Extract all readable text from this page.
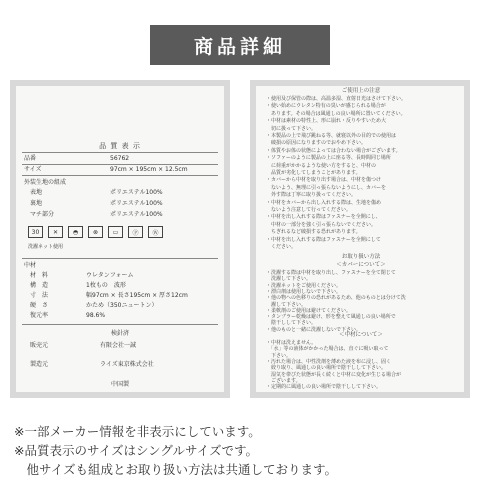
商品詳細
品 質 表 示
品番	56762
サイズ	97cm × 195cm × 12.5cm
外装生地の組成
表地	ポリエステル100%
裏地	ポリエステル100%
マチ部分	ポリエステル100%
30	✕	◓	⊗	▭	Ⓟ	Ⓦ
洗濯ネット使用
中材
材　料	ウレタンフォーム
構　造	1枚もの　波形
寸　法	幅97cm × 長さ195cm × 厚さ12cm
硬　さ	かため（350ニュートン）
復元率	98.6%
検針済
販売元	有限会社一誠
製造元	ライズ東京株式会社
中国製
ご使用上の注意
・使用及び保管の際は、高温多湿、直射日光はさけて下さい。
・使い始めにウレタン特有の臭いが感じられる場合が
　あります。その場合は風通しの良い場所に置いてください。
・中材は素材の特性上、形に崩れ・反りやすいため大
　切に扱って下さい。
・本製品の上で飛び跳ねる等、就寝以外の目的での使用は
　破損の原因になりますのでおやめ下さい。
・体質やお体の状態によっては合わない場合がございます。
・ソファーのように製品の上に座る等、長時間同じ場所
　に荷重がかかるような使い方をすると、中材の
　品質が劣化してしまうことがあります。
・カバーから中材を取り出す場合は、中材を傷つけ
　ないよう、無理に引っ張らないようにし、カバーを
　外す際は丁寧に取り扱ってください。
・中材をカバーから出し入れする際は、生地を傷め
　ないよう注意して行ってください。
・中材を出し入れする際はファスナーを全開にし、
　中材の一部分を強く引っ張らないでください。
　ちぎれるなど破損する恐れがあります。
・中材を出し入れする際はファスナーを全開にして
　ください。
お取り扱い方法
＜カバーについて＞
・洗濯する際は中材を取り出し、ファスナーを全て閉じて
　洗濯して下さい。
・洗濯ネットをご使用ください。
・漂白剤は使用しないで下さい。
・他の物への色移りの恐れがあるため、他のものとは分けて洗
　濯して下さい。
・柔軟剤のご使用は避けてください。
・タンブラー乾燥は避け、形を整えて風通しの良い場所で
　陰干しして下さい。
・他のものと一緒に洗濯しないで下さい。
＜中材について＞
・中材は洗えません。
　「水」等の液体がかかった場合は、直ぐに吸い取って
　下さい。
・汚れた場合は、中性洗剤を薄めた液を布に浸し、固く
　絞り取り、風通しの良い場所で陰干しして下さい。
　湿気を帯びた状態が長く続くと中材に変化が生じる場合が
　ございます。
・定期的に風通しの良い場所で陰干しして下さい。
※一部メーカー情報を非表示にしています。
※品質表示のサイズはシングルサイズです。
　他サイズも組成とお取り扱い方法は共通しております。
